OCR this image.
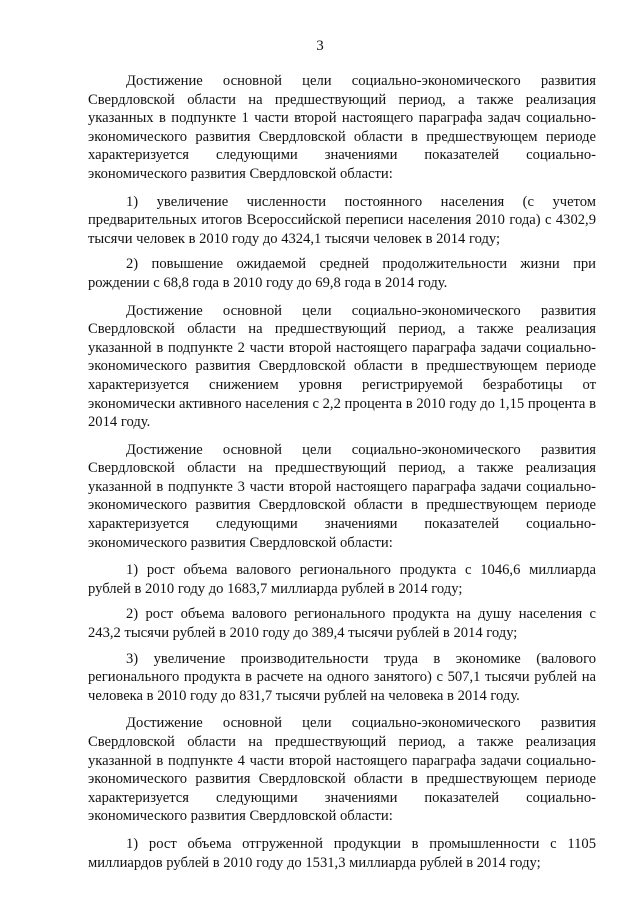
3

Достижение основной цели социально-экономического развития Свердловской области на предшествующий период, а также реализация указанных в подпункте 1 части второй настоящего параграфа задач социально-экономического развития Свердловской области в предшествующем периоде характеризуется следующими значениями показателей социально-экономического развития Свердловской области:

1) увеличение численности постоянного населения (с учетом предварительных итогов Всероссийской переписи населения 2010 года) с 4302,9 тысячи человек в 2010 году до 4324,1 тысячи человек в 2014 году;

2) повышение ожидаемой средней продолжительности жизни при рождении с 68,8 года в 2010 году до 69,8 года в 2014 году.

Достижение основной цели социально-экономического развития Свердловской области на предшествующий период, а также реализация указанной в подпункте 2 части второй настоящего параграфа задачи социально-экономического развития Свердловской области в предшествующем периоде характеризуется снижением уровня регистрируемой безработицы от экономически активного населения с 2,2 процента в 2010 году до 1,15 процента в 2014 году.

Достижение основной цели социально-экономического развития Свердловской области на предшествующий период, а также реализация указанной в подпункте 3 части второй настоящего параграфа задачи социально-экономического развития Свердловской области в предшествующем периоде характеризуется следующими значениями показателей социально-экономического развития Свердловской области:

1) рост объема валового регионального продукта с 1046,6 миллиарда рублей в 2010 году до 1683,7 миллиарда рублей в 2014 году;

2) рост объема валового регионального продукта на душу населения с 243,2 тысячи рублей в 2010 году до 389,4 тысячи рублей в 2014 году;

3) увеличение производительности труда в экономике (валового регионального продукта в расчете на одного занятого) с 507,1 тысячи рублей на человека в 2010 году до 831,7 тысячи рублей на человека в 2014 году.

Достижение основной цели социально-экономического развития Свердловской области на предшествующий период, а также реализация указанной в подпункте 4 части второй настоящего параграфа задачи социально-экономического развития Свердловской области в предшествующем периоде характеризуется следующими значениями показателей социально-экономического развития Свердловской области:

1) рост объема отгруженной продукции в промышленности с 1105 миллиардов рублей в 2010 году до 1531,3 миллиарда рублей в 2014 году;
